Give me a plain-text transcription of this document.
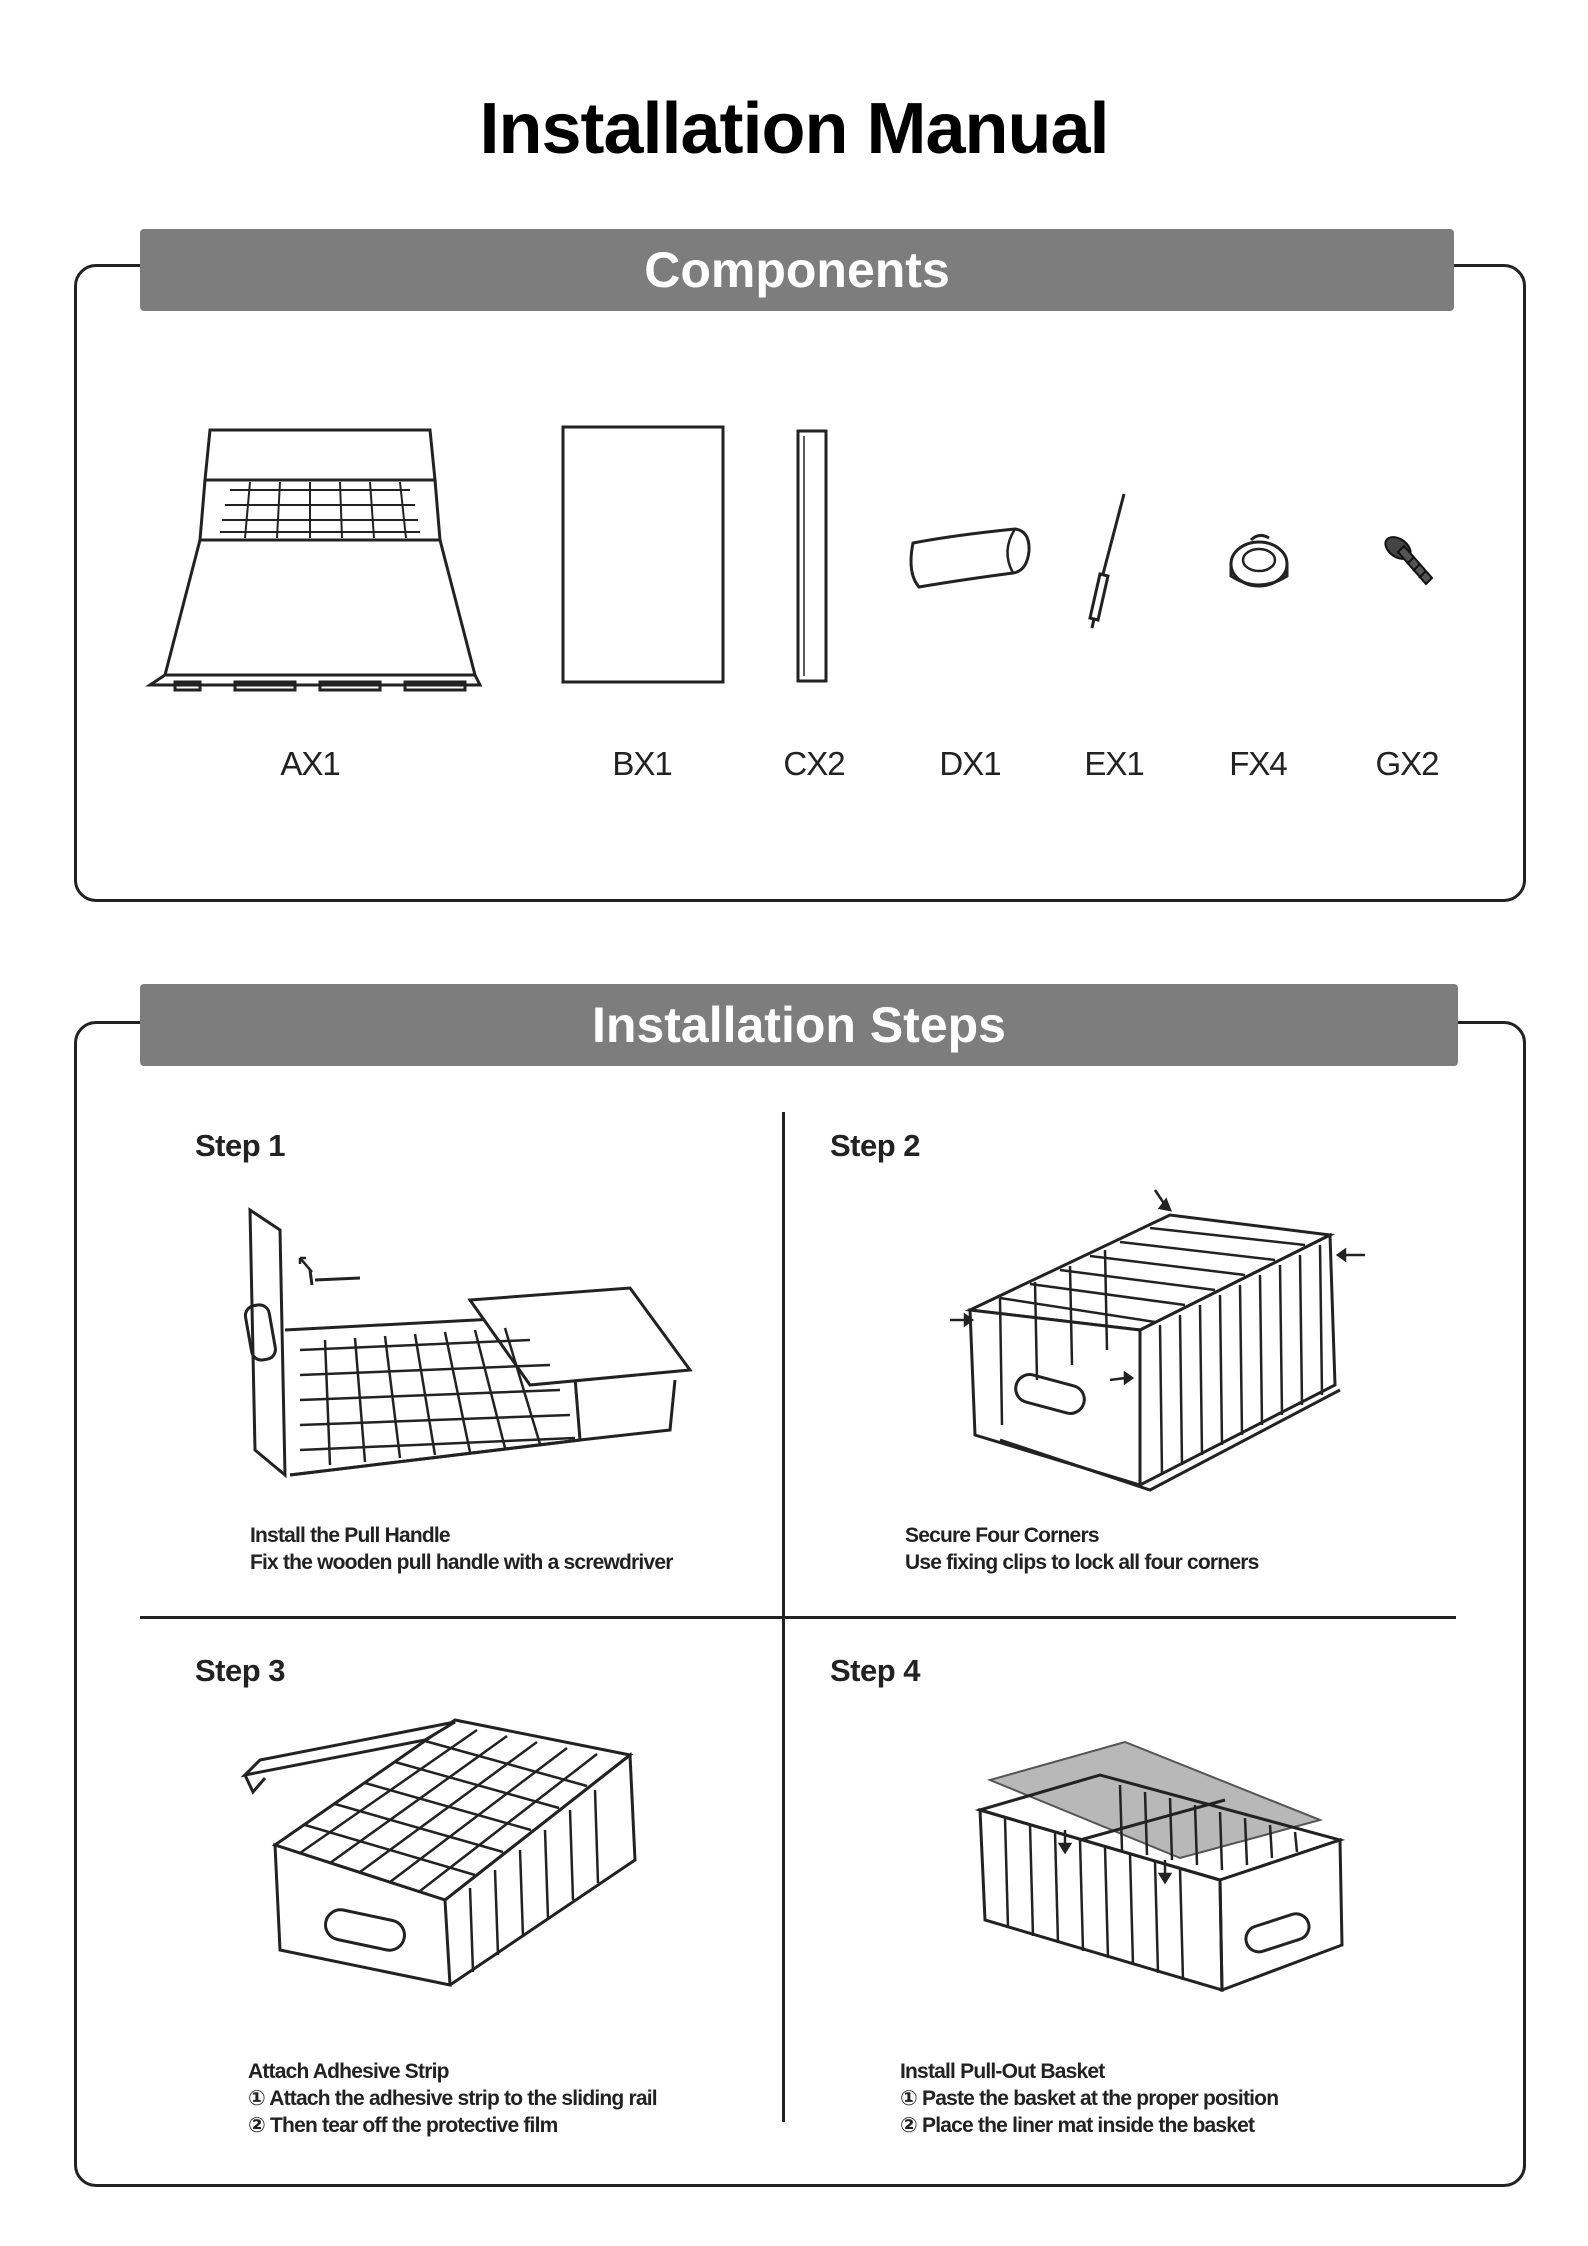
Installation Manual
Components
AX1	BX1	CX2	DX1	EX1	FX4	GX2
Installation Steps
Step 1	Step 2
Step 3	Step 4
Install the Pull Handle
Fix the wooden pull handle with a screwdriver
Secure Four Corners
Use fixing clips to lock all four corners
Attach Adhesive Strip
① Attach the adhesive strip to the sliding rail
② Then tear off the protective film
Install Pull-Out Basket
① Paste the basket at the proper position
② Place the liner mat inside the basket
